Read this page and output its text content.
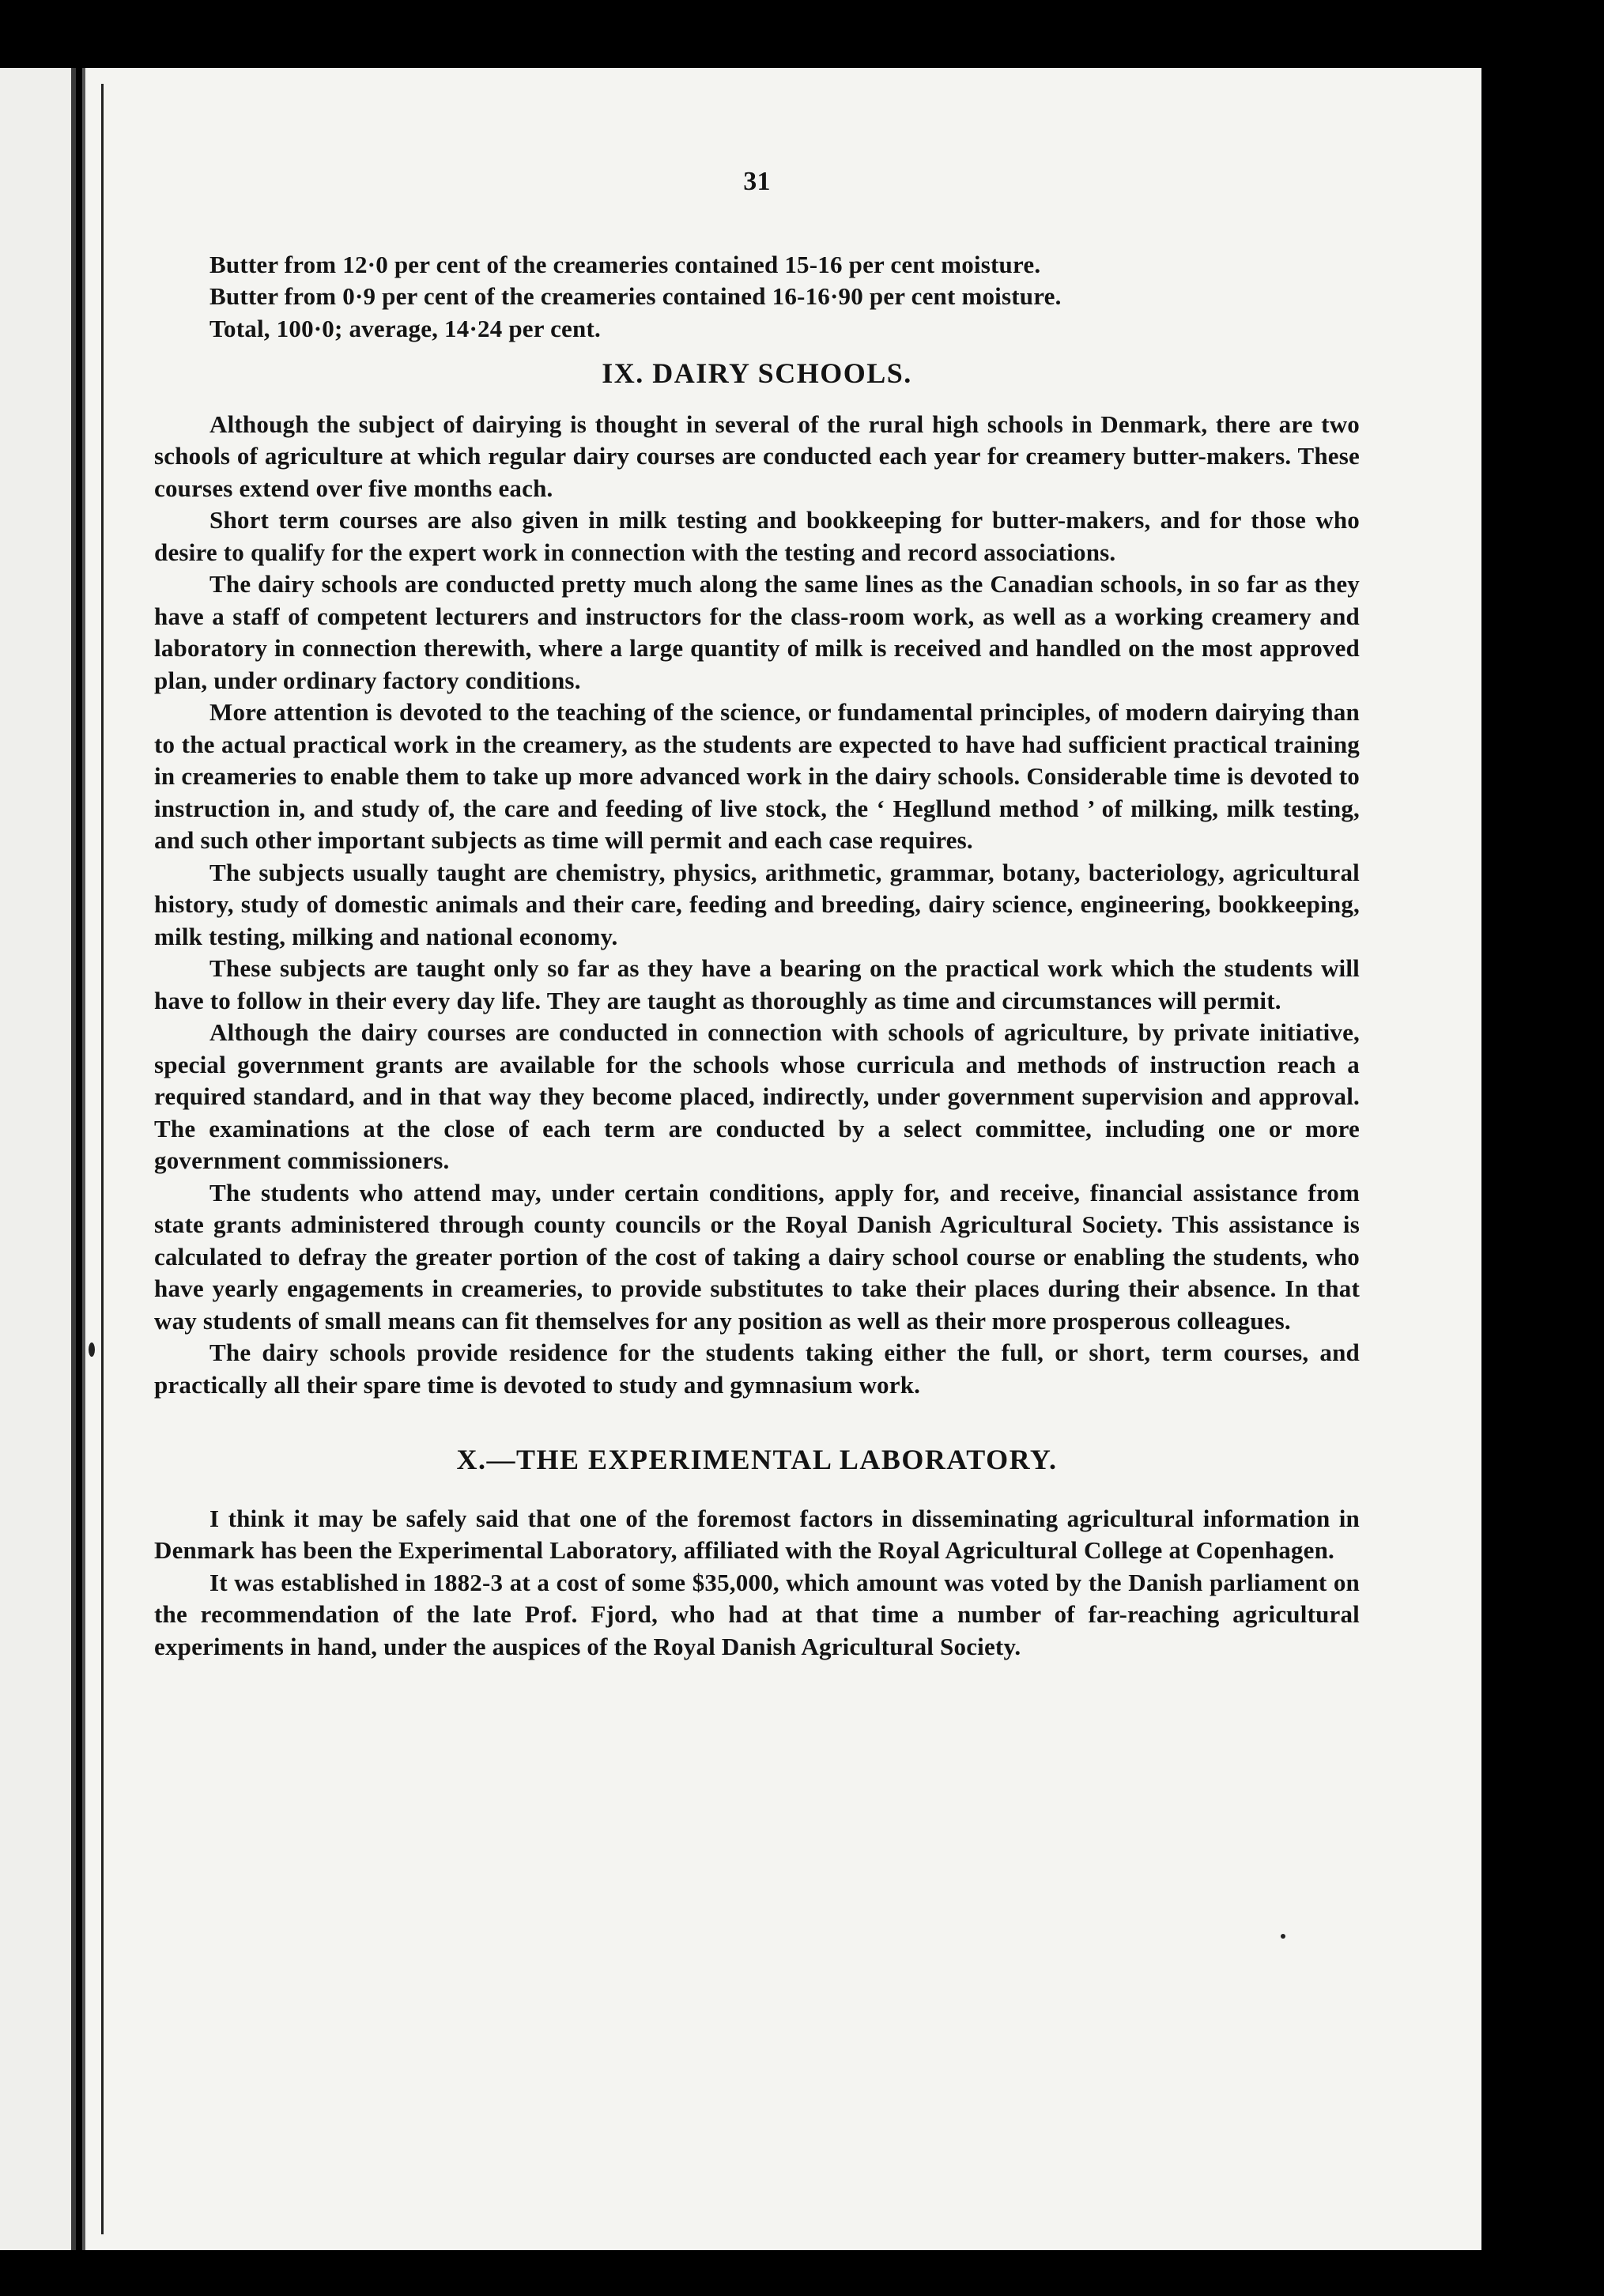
31

Butter from 12·0 per cent of the creameries contained 15-16 per cent moisture.

Butter from 0·9 per cent of the creameries contained 16-16·90 per cent moisture.

Total, 100·0; average, 14·24 per cent.

IX. DAIRY SCHOOLS.

Although the subject of dairying is thought in several of the rural high schools in Denmark, there are two schools of agriculture at which regular dairy courses are conducted each year for creamery butter-makers. These courses extend over five months each.

Short term courses are also given in milk testing and bookkeeping for butter-makers, and for those who desire to qualify for the expert work in connection with the testing and record associations.

The dairy schools are conducted pretty much along the same lines as the Canadian schools, in so far as they have a staff of competent lecturers and instructors for the class-room work, as well as a working creamery and laboratory in connection therewith, where a large quantity of milk is received and handled on the most approved plan, under ordinary factory conditions.

More attention is devoted to the teaching of the science, or fundamental principles, of modern dairying than to the actual practical work in the creamery, as the students are expected to have had sufficient practical training in creameries to enable them to take up more advanced work in the dairy schools. Considerable time is devoted to instruction in, and study of, the care and feeding of live stock, the ‘ Hegllund method ’ of milking, milk testing, and such other important subjects as time will permit and each case requires.

The subjects usually taught are chemistry, physics, arithmetic, grammar, botany, bacteriology, agricultural history, study of domestic animals and their care, feeding and breeding, dairy science, engineering, bookkeeping, milk testing, milking and national economy.

These subjects are taught only so far as they have a bearing on the practical work which the students will have to follow in their every day life. They are taught as thoroughly as time and circumstances will permit.

Although the dairy courses are conducted in connection with schools of agriculture, by private initiative, special government grants are available for the schools whose curricula and methods of instruction reach a required standard, and in that way they become placed, indirectly, under government supervision and approval. The examinations at the close of each term are conducted by a select committee, including one or more government commissioners.

The students who attend may, under certain conditions, apply for, and receive, financial assistance from state grants administered through county councils or the Royal Danish Agricultural Society. This assistance is calculated to defray the greater portion of the cost of taking a dairy school course or enabling the students, who have yearly engagements in creameries, to provide substitutes to take their places during their absence. In that way students of small means can fit themselves for any position as well as their more prosperous colleagues.

The dairy schools provide residence for the students taking either the full, or short, term courses, and practically all their spare time is devoted to study and gymnasium work.

X.—THE EXPERIMENTAL LABORATORY.

I think it may be safely said that one of the foremost factors in disseminating agricultural information in Denmark has been the Experimental Laboratory, affiliated with the Royal Agricultural College at Copenhagen.

It was established in 1882-3 at a cost of some $35,000, which amount was voted by the Danish parliament on the recommendation of the late Prof. Fjord, who had at that time a number of far-reaching agricultural experiments in hand, under the auspices of the Royal Danish Agricultural Society.
